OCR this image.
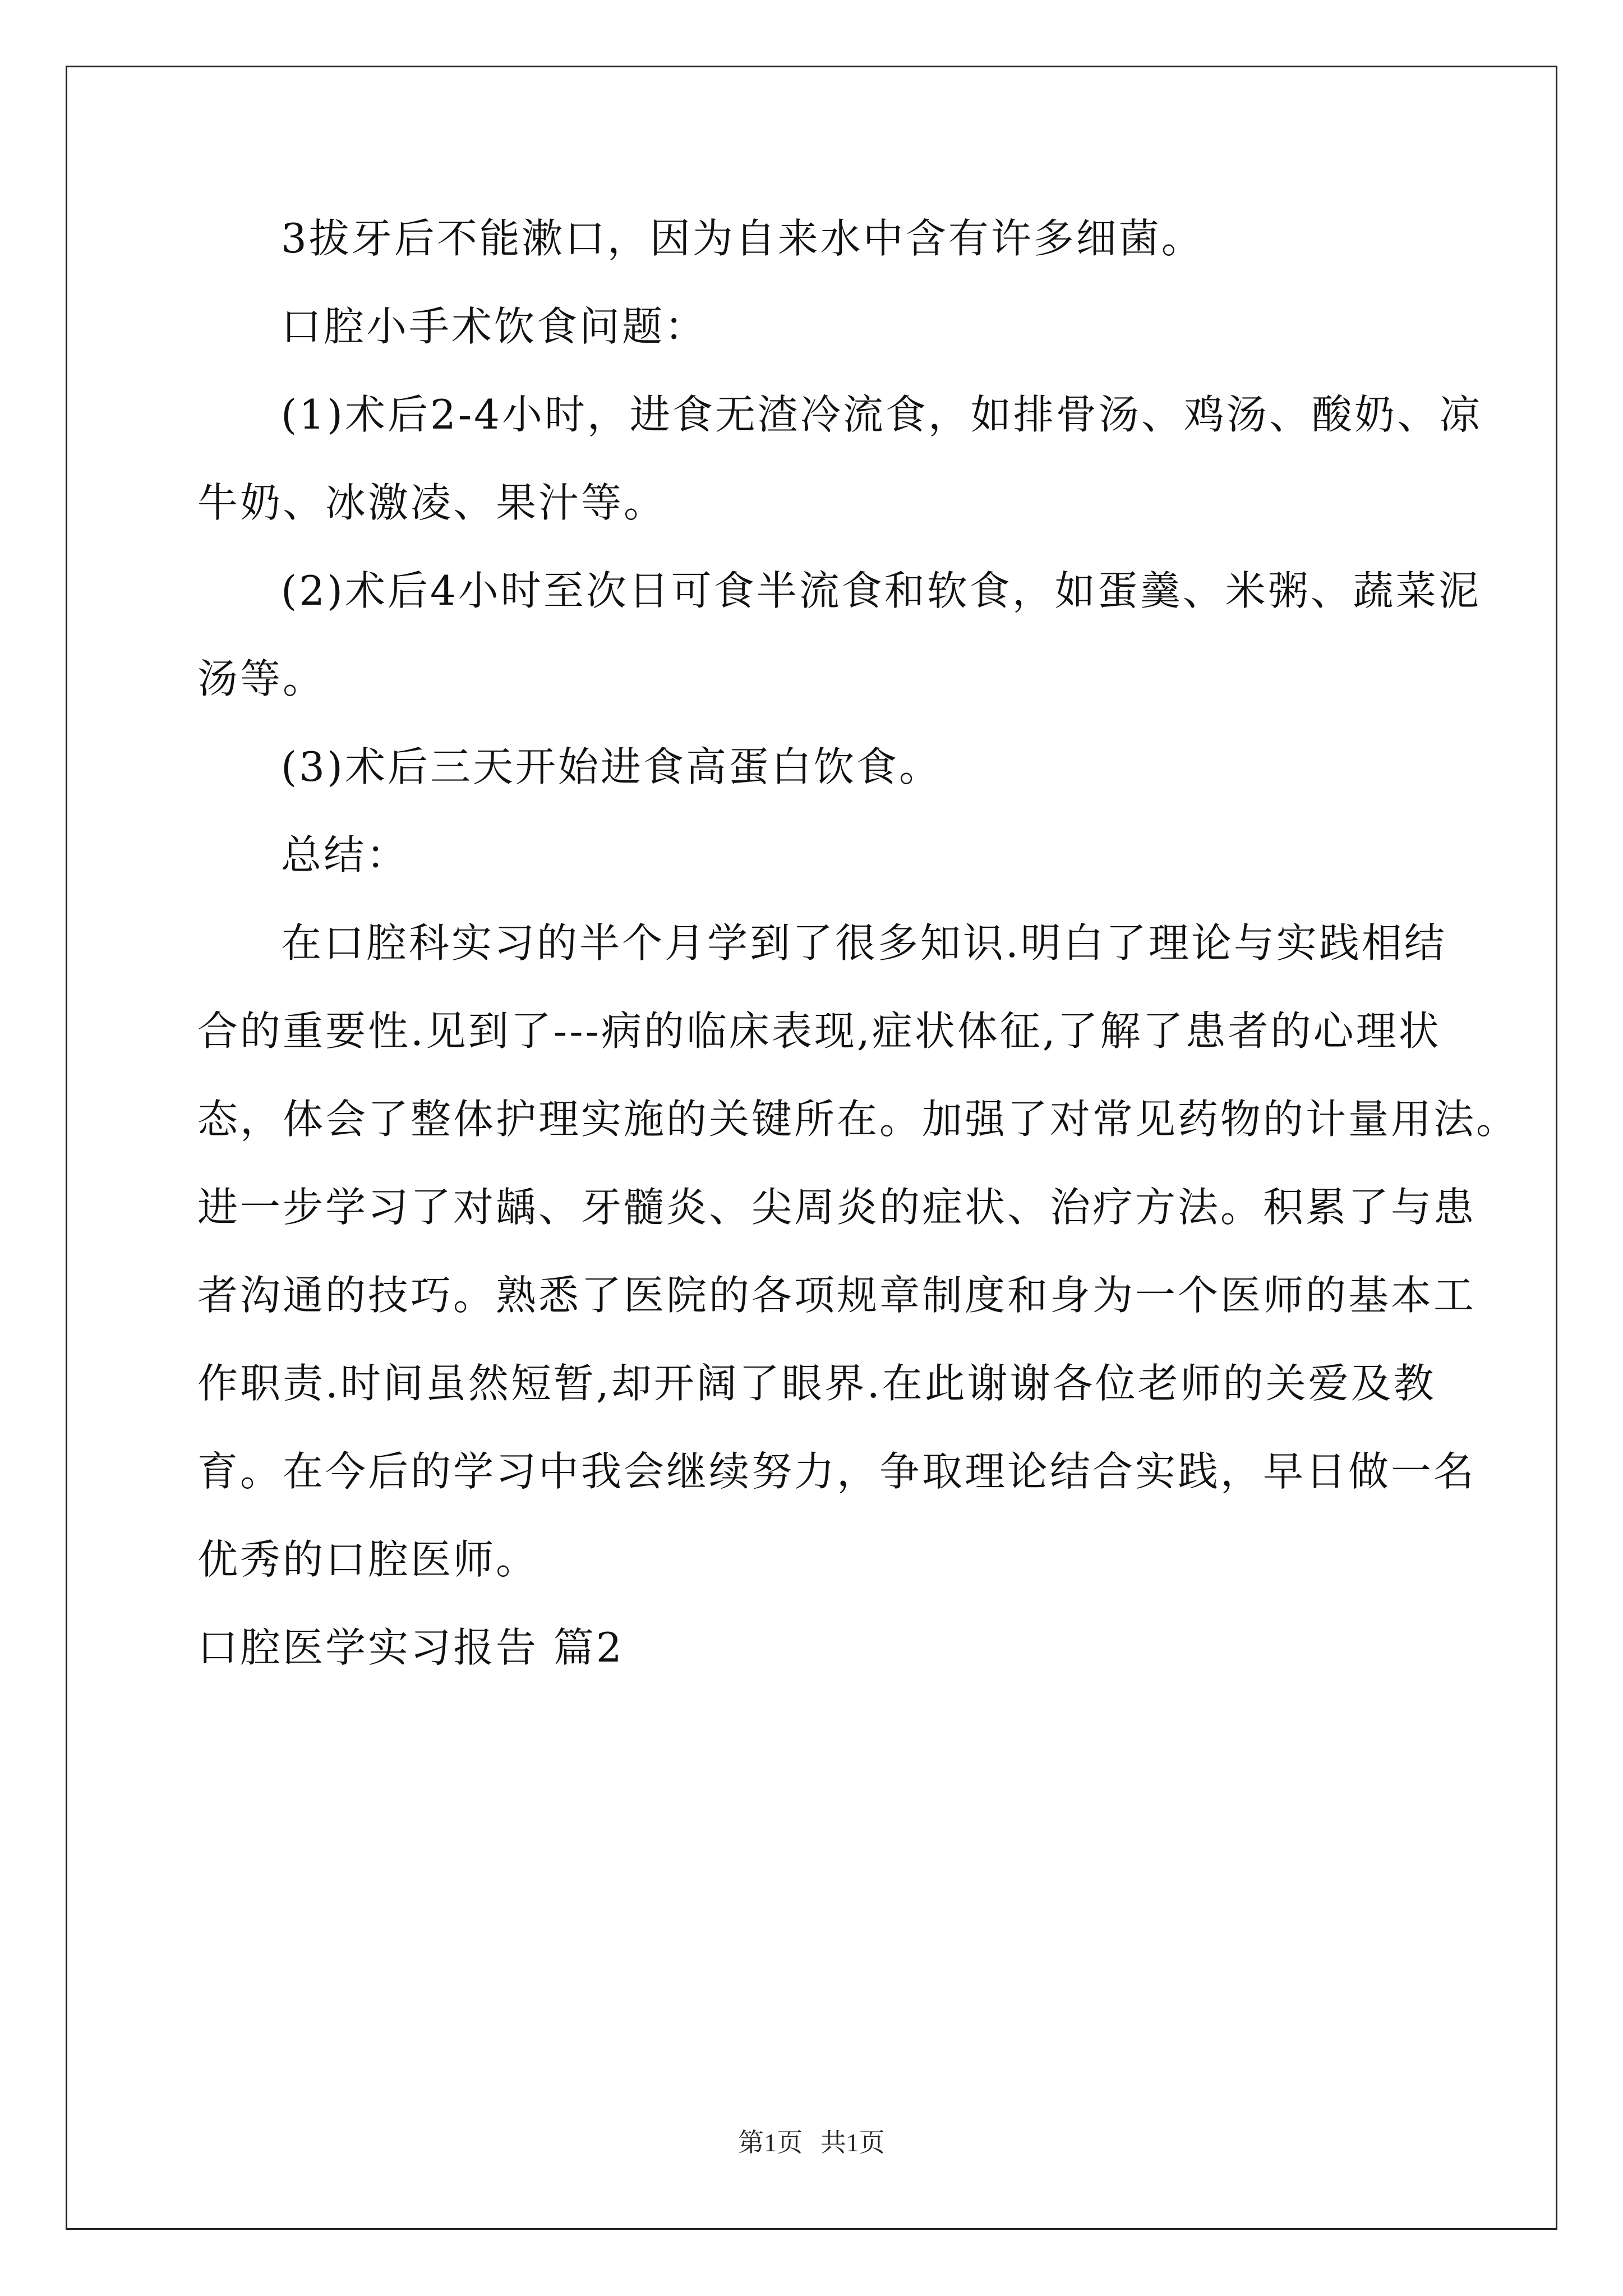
3拔牙后不能漱口，因为自来水中含有许多细菌。
口腔小手术饮食问题：
(1)术后2-4小时，进食无渣冷流食，如排骨汤、鸡汤、酸奶、凉
牛奶、冰激凌、果汁等。
(2)术后4小时至次日可食半流食和软食，如蛋羹、米粥、蔬菜泥
汤等。
(3)术后三天开始进食高蛋白饮食。
总结：
在口腔科实习的半个月学到了很多知识.明白了理论与实践相结
合的重要性.见到了---病的临床表现,症状体征,了解了患者的心理状
态，体会了整体护理实施的关键所在。加强了对常见药物的计量用法。
进一步学习了对龋、牙髓炎、尖周炎的症状、治疗方法。积累了与患
者沟通的技巧。熟悉了医院的各项规章制度和身为一个医师的基本工
作职责.时间虽然短暂,却开阔了眼界.在此谢谢各位老师的关爱及教
育。在今后的学习中我会继续努力，争取理论结合实践，早日做一名
优秀的口腔医师。
口腔医学实习报告 篇2
第1页 共1页
